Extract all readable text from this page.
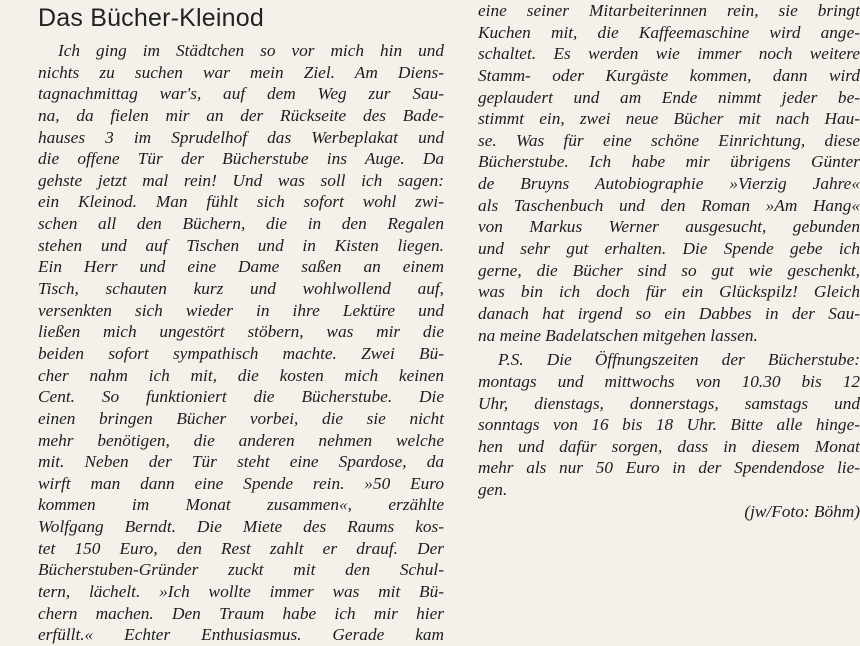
Das Bücher-Kleinod
Ich ging im Städtchen so vor mich hin und
nichts zu suchen war mein Ziel. Am Diens-
tagnachmittag war's, auf dem Weg zur Sau-
na, da fielen mir an der Rückseite des Bade-
hauses 3 im Sprudelhof das Werbeplakat und
die offene Tür der Bücherstube ins Auge. Da
gehste jetzt mal rein! Und was soll ich sagen:
ein Kleinod. Man fühlt sich sofort wohl zwi-
schen all den Büchern, die in den Regalen
stehen und auf Tischen und in Kisten liegen.
Ein Herr und eine Dame saßen an einem
Tisch, schauten kurz und wohlwollend auf,
versenkten sich wieder in ihre Lektüre und
ließen mich ungestört stöbern, was mir die
beiden sofort sympathisch machte. Zwei Bü-
cher nahm ich mit, die kosten mich keinen
Cent. So funktioniert die Bücherstube. Die
einen bringen Bücher vorbei, die sie nicht
mehr benötigen, die anderen nehmen welche
mit. Neben der Tür steht eine Spardose, da
wirft man dann eine Spende rein. »50 Euro
kommen im Monat zusammen«, erzählte
Wolfgang Berndt. Die Miete des Raums kos-
tet 150 Euro, den Rest zahlt er drauf. Der
Bücherstuben-Gründer zuckt mit den Schul-
tern, lächelt. »Ich wollte immer was mit Bü-
chern machen. Den Traum habe ich mir hier
erfüllt.« Echter Enthusiasmus. Gerade kam
eine seiner Mitarbeiterinnen rein, sie bringt
Kuchen mit, die Kaffeemaschine wird ange-
schaltet. Es werden wie immer noch weitere
Stamm- oder Kurgäste kommen, dann wird
geplaudert und am Ende nimmt jeder be-
stimmt ein, zwei neue Bücher mit nach Hau-
se. Was für eine schöne Einrichtung, diese
Bücherstube. Ich habe mir übrigens Günter
de Bruyns Autobiographie »Vierzig Jahre«
als Taschenbuch und den Roman »Am Hang«
von Markus Werner ausgesucht, gebunden
und sehr gut erhalten. Die Spende gebe ich
gerne, die Bücher sind so gut wie geschenkt,
was bin ich doch für ein Glückspilz! Gleich
danach hat irgend so ein Dabbes in der Sau-
na meine Badelatschen mitgehen lassen.
P.S. Die Öffnungszeiten der Bücherstube:
montags und mittwochs von 10.30 bis 12
Uhr, dienstags, donnerstags, samstags und
sonntags von 16 bis 18 Uhr. Bitte alle hinge-
hen und dafür sorgen, dass in diesem Monat
mehr als nur 50 Euro in der Spendendose lie-
gen.
(jw/Foto: Böhm)
